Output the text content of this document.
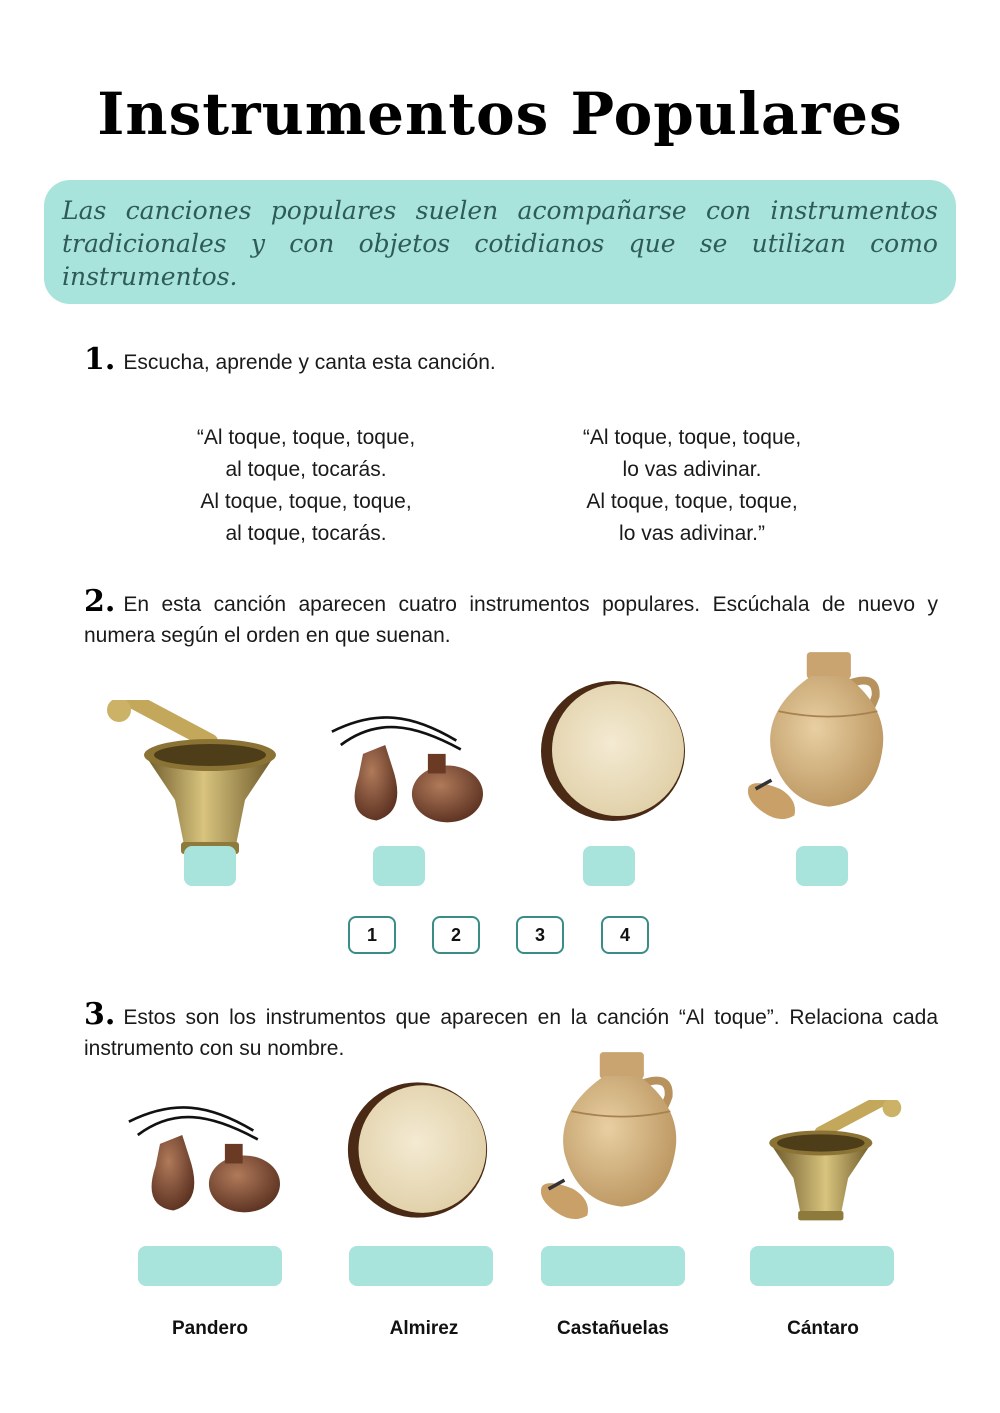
Instrumentos Populares

Las canciones populares suelen acompañarse con instrumentos tradicionales y con objetos cotidianos que se utilizan como instrumentos.

1. Escucha, aprende y canta esta canción.
“Al toque, toque, toque,
al toque, tocarás.
Al toque, toque, toque,
al toque, tocarás.
“Al toque, toque, toque,
lo vas adivinar.
Al toque, toque, toque,
lo vas adivinar.”
2. En esta canción aparecen cuatro instrumentos populares. Escúchala de nuevo y numera según el orden en que suenan.
1	2	3	4
3. Estos son los instrumentos que aparecen en la canción “Al toque”. Relaciona cada instrumento con su nombre.
Pandero	Almirez	Castañuelas	Cántaro
